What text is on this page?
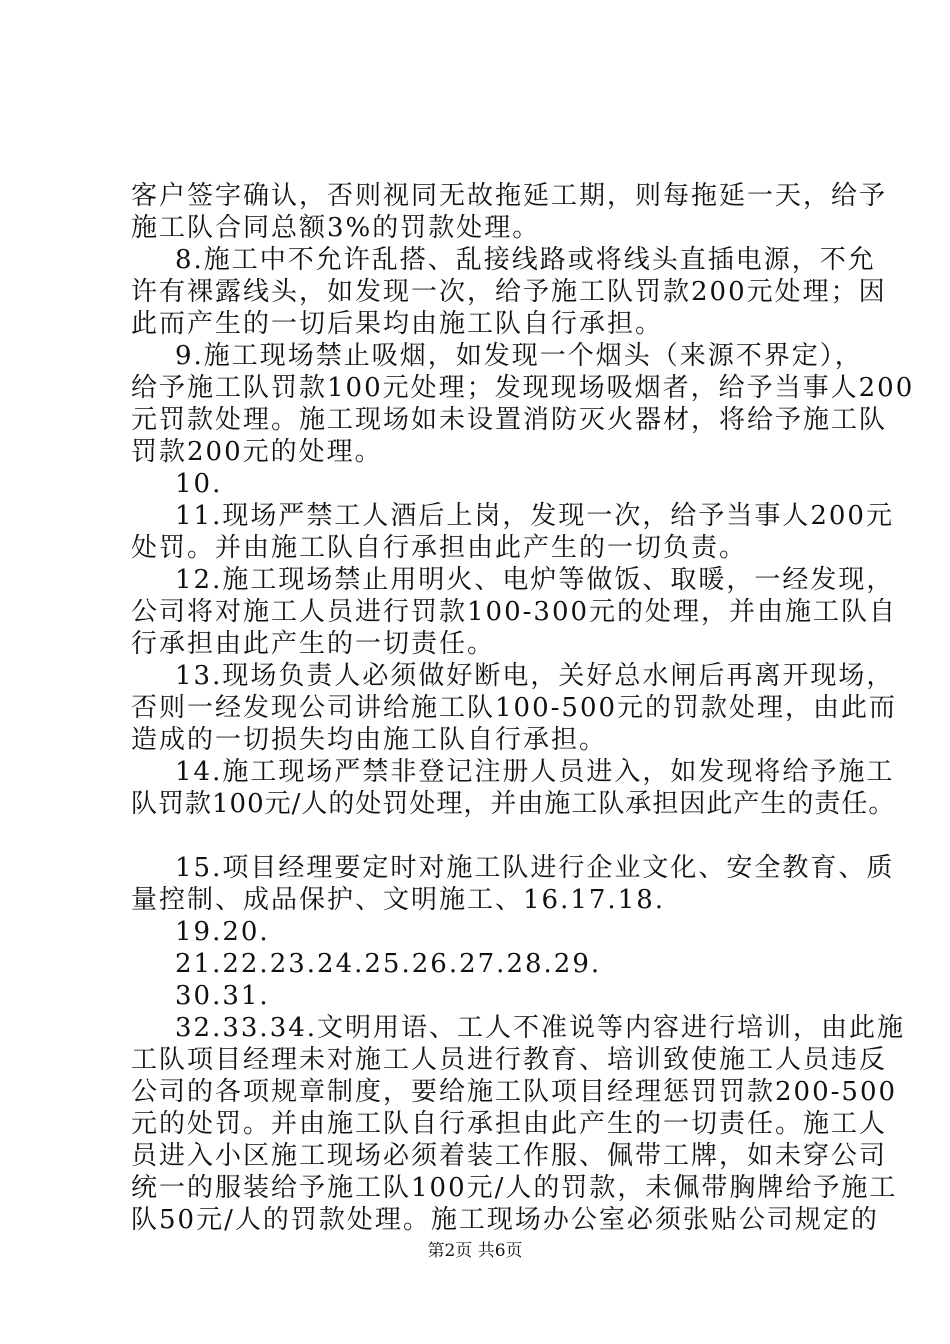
客户签字确认，否则视同无故拖延工期，则每拖延一天，给予
施工队合同总额3%的罚款处理。
8.施工中不允许乱搭、乱接线路或将线头直插电源，不允
许有裸露线头，如发现一次，给予施工队罚款200元处理；因
此而产生的一切后果均由施工队自行承担。
9.施工现场禁止吸烟，如发现一个烟头（来源不界定），
给予施工队罚款100元处理；发现现场吸烟者，给予当事人200
元罚款处理。施工现场如未设置消防灭火器材，将给予施工队
罚款200元的处理。
10.
11.现场严禁工人酒后上岗，发现一次，给予当事人200元
处罚。并由施工队自行承担由此产生的一切负责。
12.施工现场禁止用明火、电炉等做饭、取暖，一经发现，
公司将对施工人员进行罚款100-300元的处理，并由施工队自
行承担由此产生的一切责任。
13.现场负责人必须做好断电，关好总水闸后再离开现场，
否则一经发现公司讲给施工队100-500元的罚款处理，由此而
造成的一切损失均由施工队自行承担。
14.施工现场严禁非登记注册人员进入，如发现将给予施工
队罚款100元/人的处罚处理，并由施工队承担因此产生的责任。
15.项目经理要定时对施工队进行企业文化、安全教育、质
量控制、成品保护、文明施工、16.17.18.
19.20.
21.22.23.24.25.26.27.28.29.
30.31.
32.33.34.文明用语、工人不准说等内容进行培训，由此施
工队项目经理未对施工人员进行教育、培训致使施工人员违反
公司的各项规章制度，要给施工队项目经理惩罚罚款200-500
元的处罚。并由施工队自行承担由此产生的一切责任。施工人
员进入小区施工现场必须着装工作服、佩带工牌，如未穿公司
统一的服装给予施工队100元/人的罚款，未佩带胸牌给予施工
队50元/人的罚款处理。施工现场办公室必须张贴公司规定的
第2页 共6页
